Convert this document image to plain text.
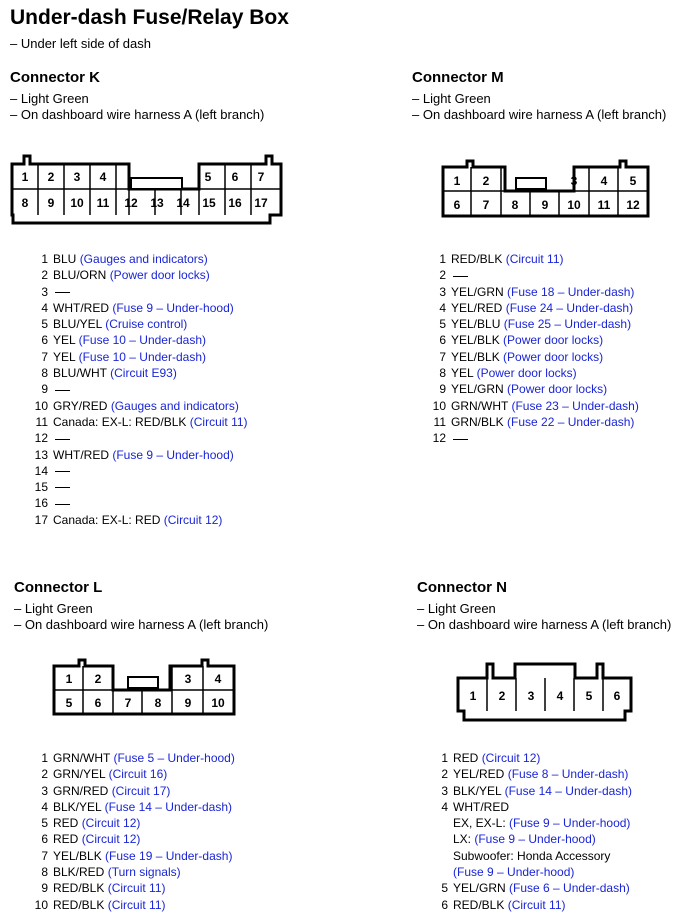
Under-dash Fuse/Relay Box
– Under left side of dash
Connector K
– Light Green
– On dashboard wire harness A (left branch)
1 2 3 4	5 6 7
8 9 10 11 12 13 14 15 16 17
1 BLU (Gauges and indicators)
2 BLU/ORN (Power door locks)
3
4 WHT/RED (Fuse 9 – Under-hood)
5 BLU/YEL (Cruise control)
6 YEL (Fuse 10 – Under-dash)
7 YEL (Fuse 10 – Under-dash)
8 BLU/WHT (Circuit E93)
9
10 GRY/RED (Gauges and indicators)
11 Canada: EX-L: RED/BLK (Circuit 11)
12
13 WHT/RED (Fuse 9 – Under-hood)
14
15
16
17 Canada: EX-L: RED (Circuit 12)
Connector M
– Light Green
– On dashboard wire harness A (left branch)
1 2	3 4 5
6 7 8 9 10 11 12
1 RED/BLK (Circuit 11)
2
3 YEL/GRN (Fuse 18 – Under-dash)
4 YEL/RED (Fuse 24 – Under-dash)
5 YEL/BLU (Fuse 25 – Under-dash)
6 YEL/BLK (Power door locks)
7 YEL/BLK (Power door locks)
8 YEL (Power door locks)
9 YEL/GRN (Power door locks)
10 GRN/WHT (Fuse 23 – Under-dash)
11 GRN/BLK (Fuse 22 – Under-dash)
12
Connector L
– Light Green
– On dashboard wire harness A (left branch)
1 2	3 4
5 6 7 8 9 10
1 GRN/WHT (Fuse 5 – Under-hood)
2 GRN/YEL (Circuit 16)
3 GRN/RED (Circuit 17)
4 BLK/YEL (Fuse 14 – Under-dash)
5 RED (Circuit 12)
6 RED (Circuit 12)
7 YEL/BLK (Fuse 19 – Under-dash)
8 BLK/RED (Turn signals)
9 RED/BLK (Circuit 11)
10 RED/BLK (Circuit 11)
Connector N
– Light Green
– On dashboard wire harness A (left branch)
1 2 3 4 5 6
1 RED (Circuit 12)
2 YEL/RED (Fuse 8 – Under-dash)
3 BLK/YEL (Fuse 14 – Under-dash)
4 WHT/RED
EX, EX-L: (Fuse 9 – Under-hood)
LX: (Fuse 9 – Under-hood)
Subwoofer: Honda Accessory
(Fuse 9 – Under-hood)
5 YEL/GRN (Fuse 6 – Under-dash)
6 RED/BLK (Circuit 11)
